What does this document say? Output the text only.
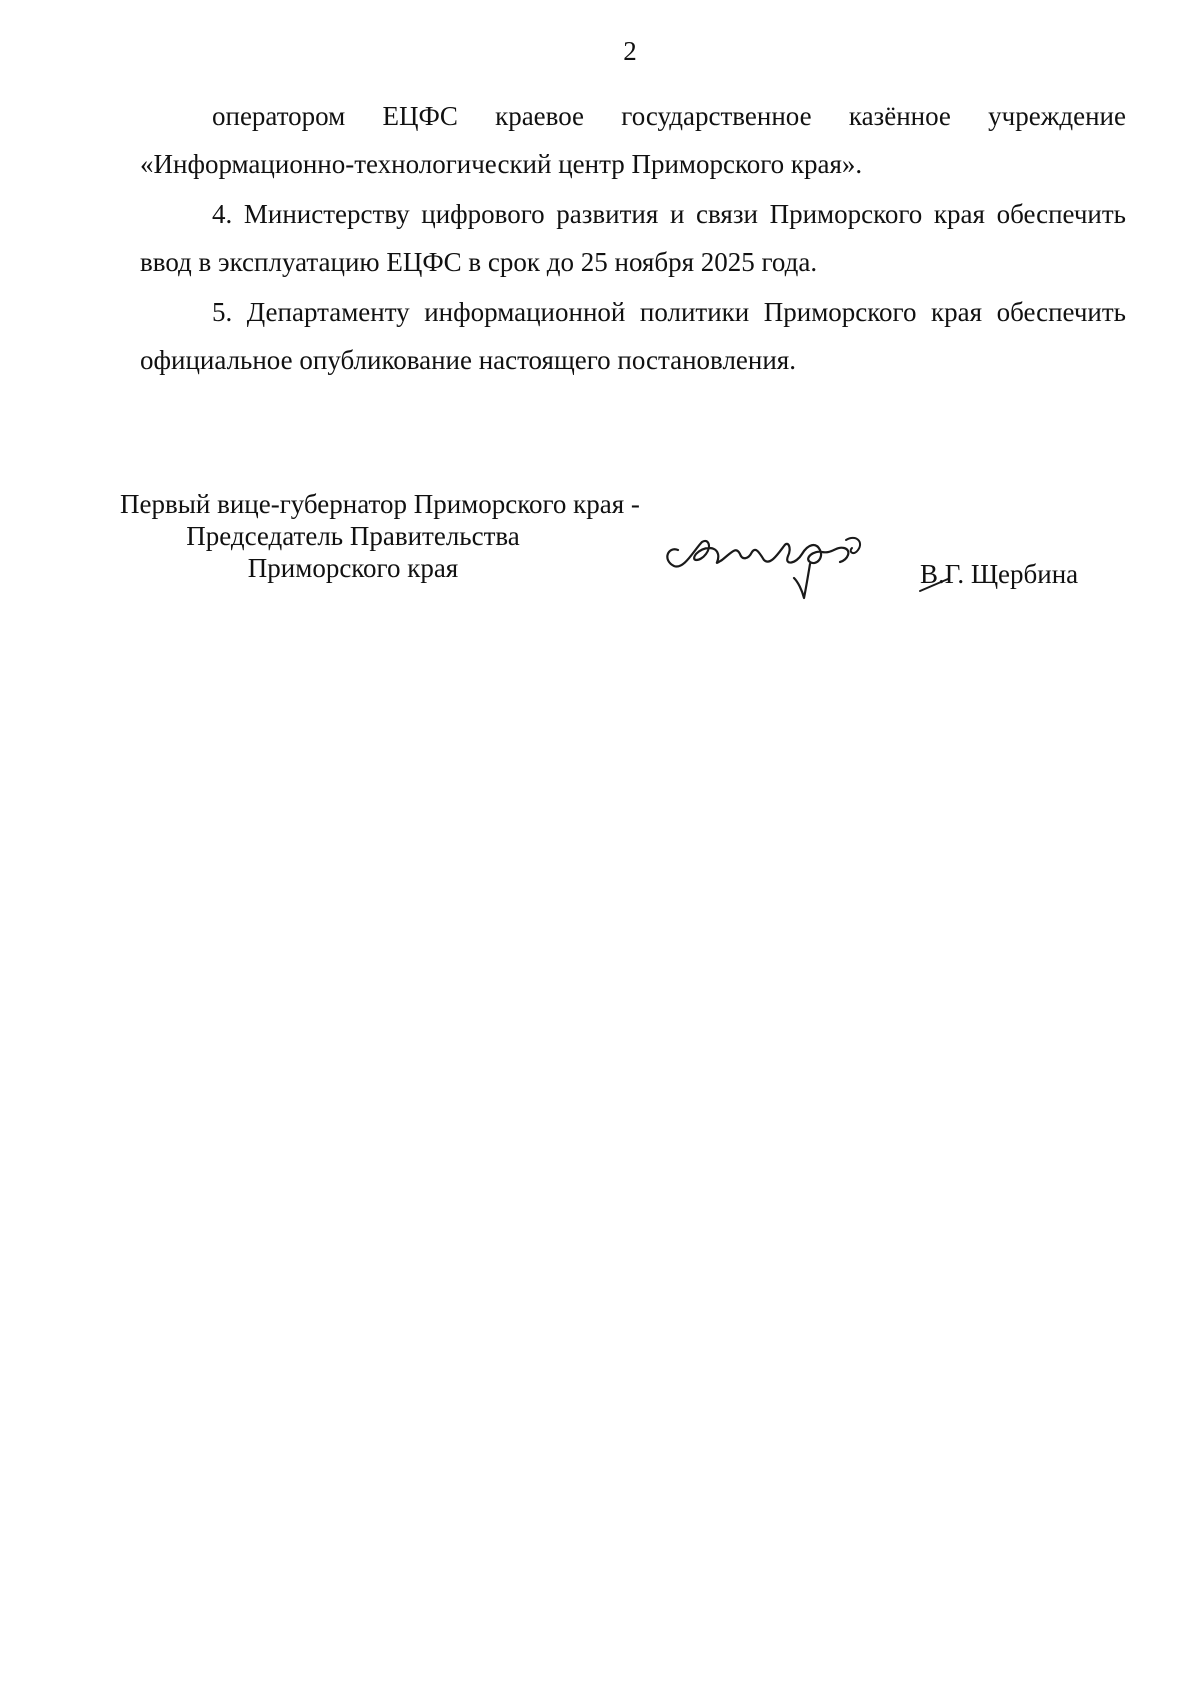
2

оператором ЕЦФС краевое государственное казённое учреждение «Информационно-технологический центр Приморского края».

4. Министерству цифрового развития и связи Приморского края обеспечить ввод в эксплуатацию ЕЦФС в срок до 25 ноября 2025 года.

5. Департаменту информационной политики Приморского края обеспечить официальное опубликование настоящего постановления.

Первый вице-губернатор Приморского края -
Председатель Правительства
Приморского края	В.Г. Щербина
